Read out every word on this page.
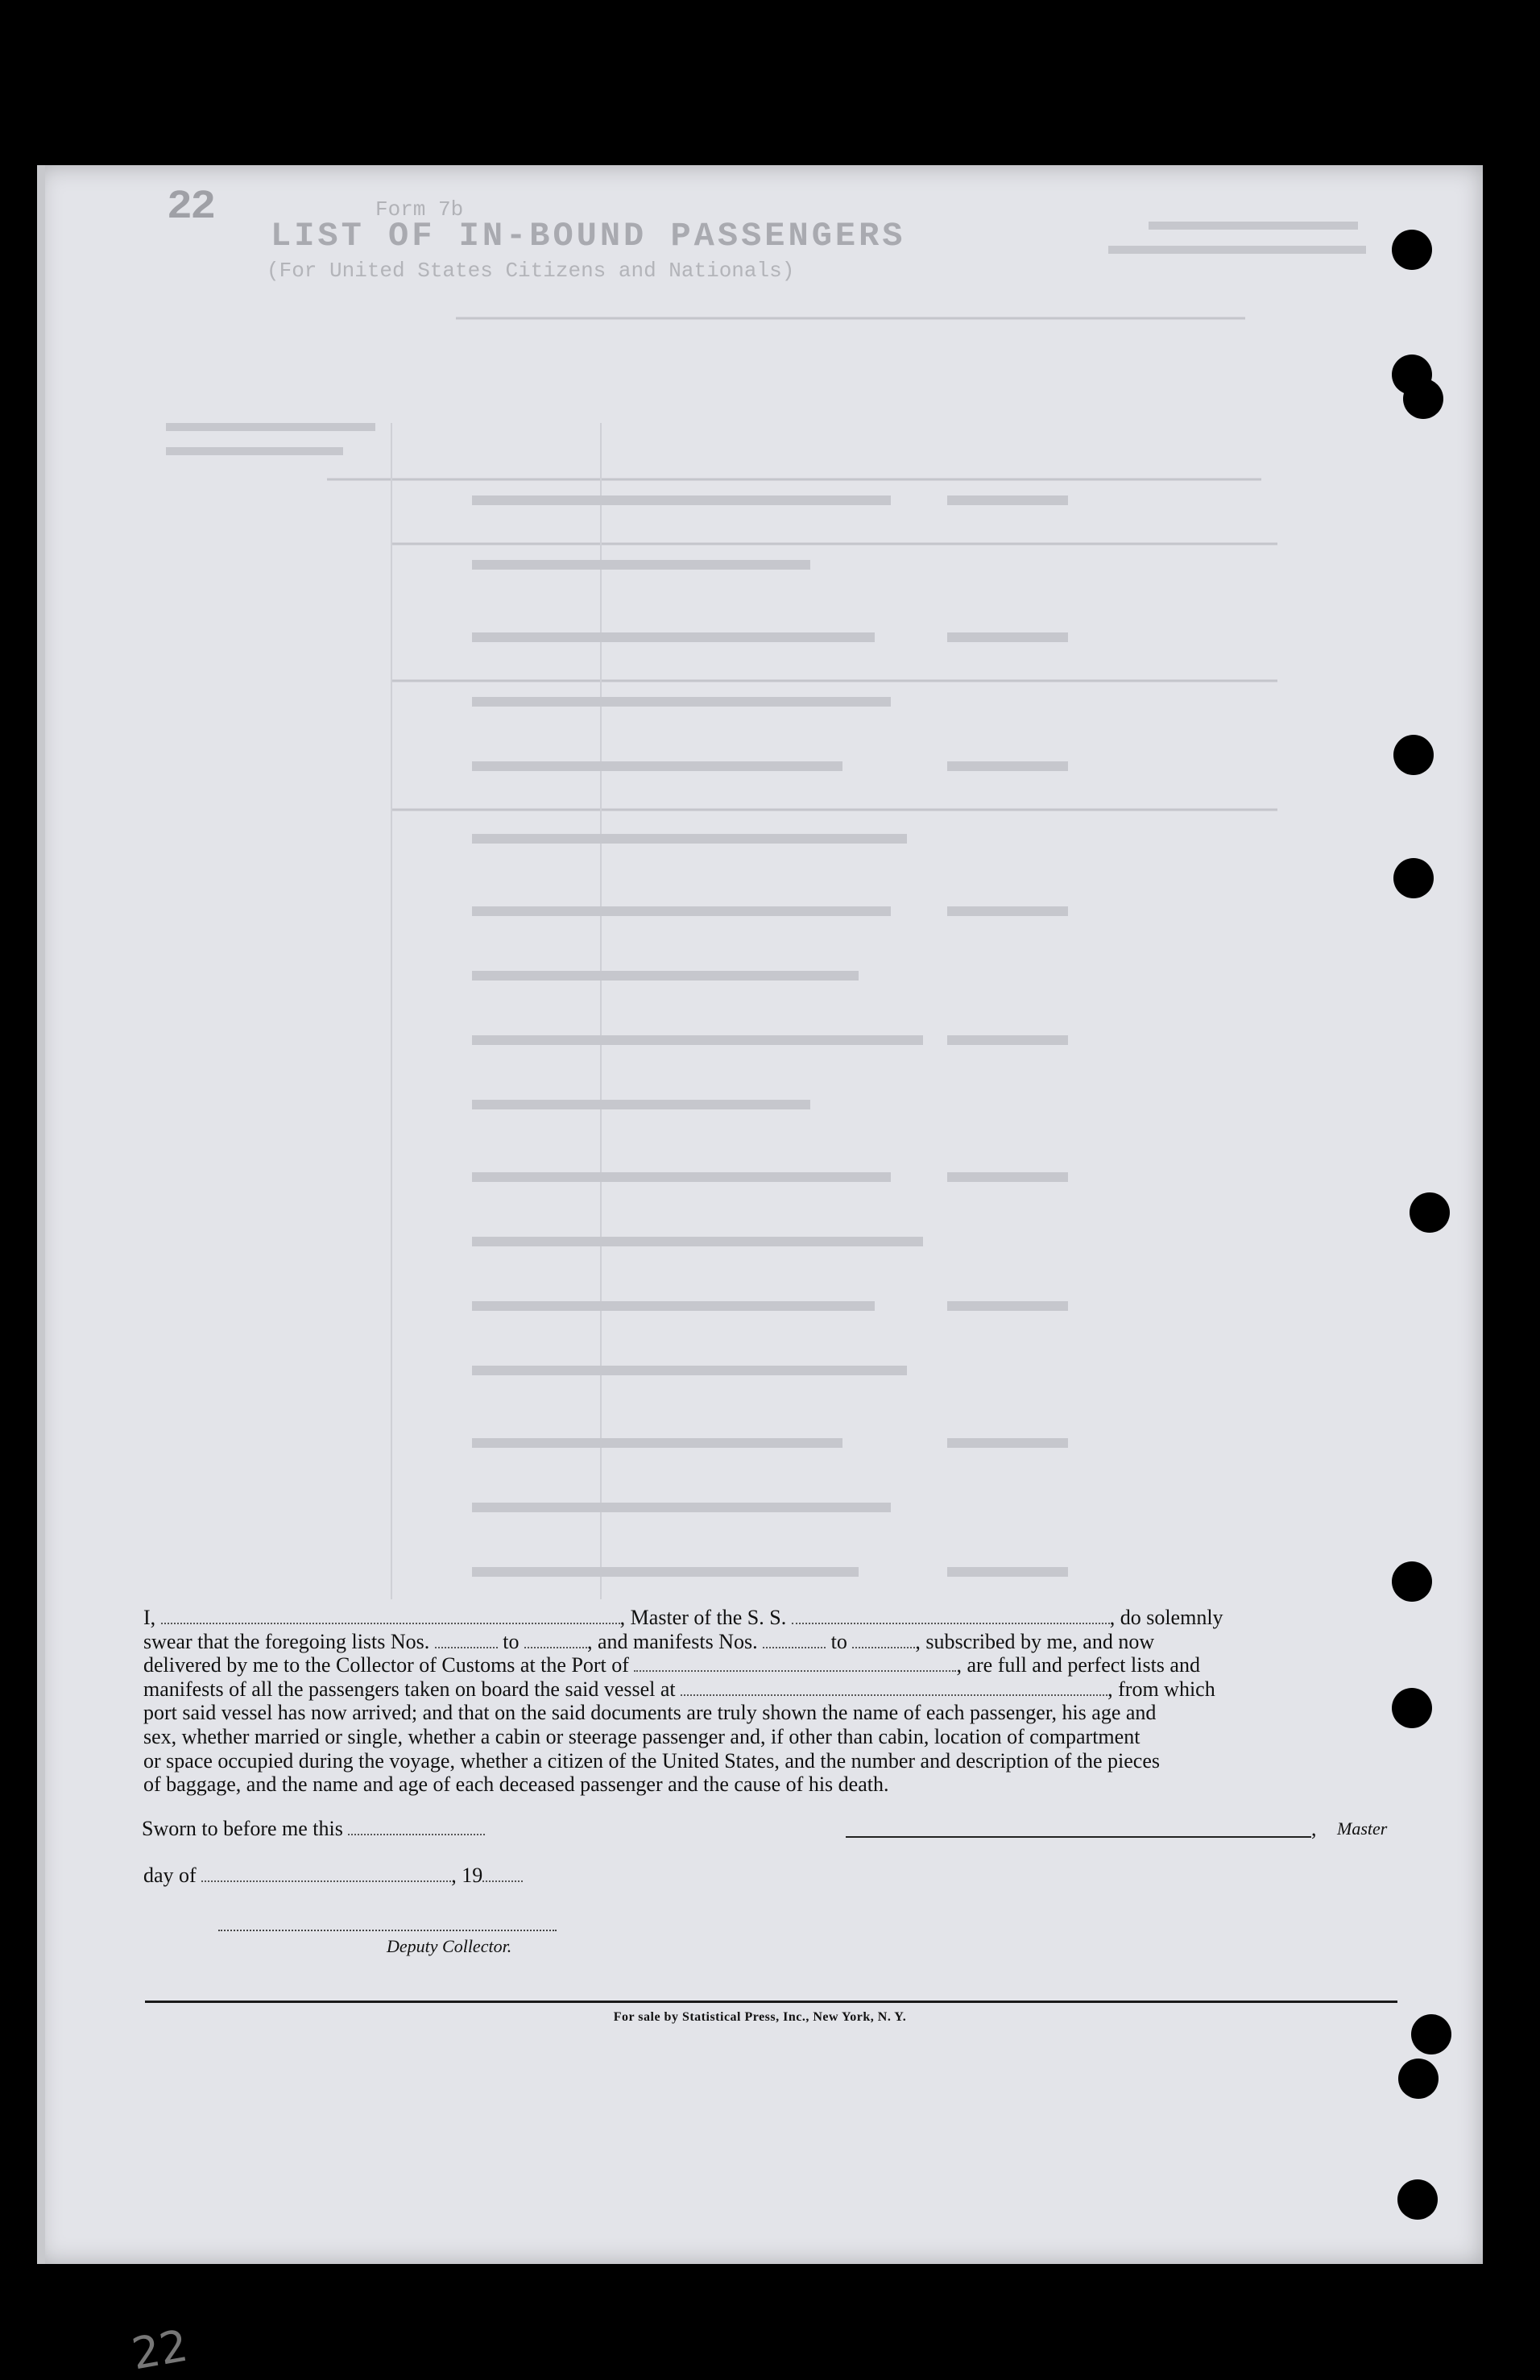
22	Form 7b
LIST OF IN-BOUND PASSENGERS
(For United States Citizens and Nationals)

I,	, Master of the S. S.	, do solemnly

swear that the foregoing lists Nos.	to	, and manifests Nos.	to	, subscribed by me, and now

delivered by me to the Collector of Customs at the Port of	, are full and perfect lists and

manifests of all the passengers taken on board the said vessel at	, from which

port said vessel has now arrived; and that on the said documents are truly shown the name of each passenger, his age and

sex, whether married or single, whether a cabin or steerage passenger and, if other than cabin, location of compartment

or space occupied during the voyage, whether a citizen of the United States, and the number and description of the pieces

of baggage, and the name and age of each deceased passenger and the cause of his death.

Sworn to before me this	, Master
day of	, 19
Deputy Collector.
For sale by Statistical Press, Inc., New York, N. Y.
22
